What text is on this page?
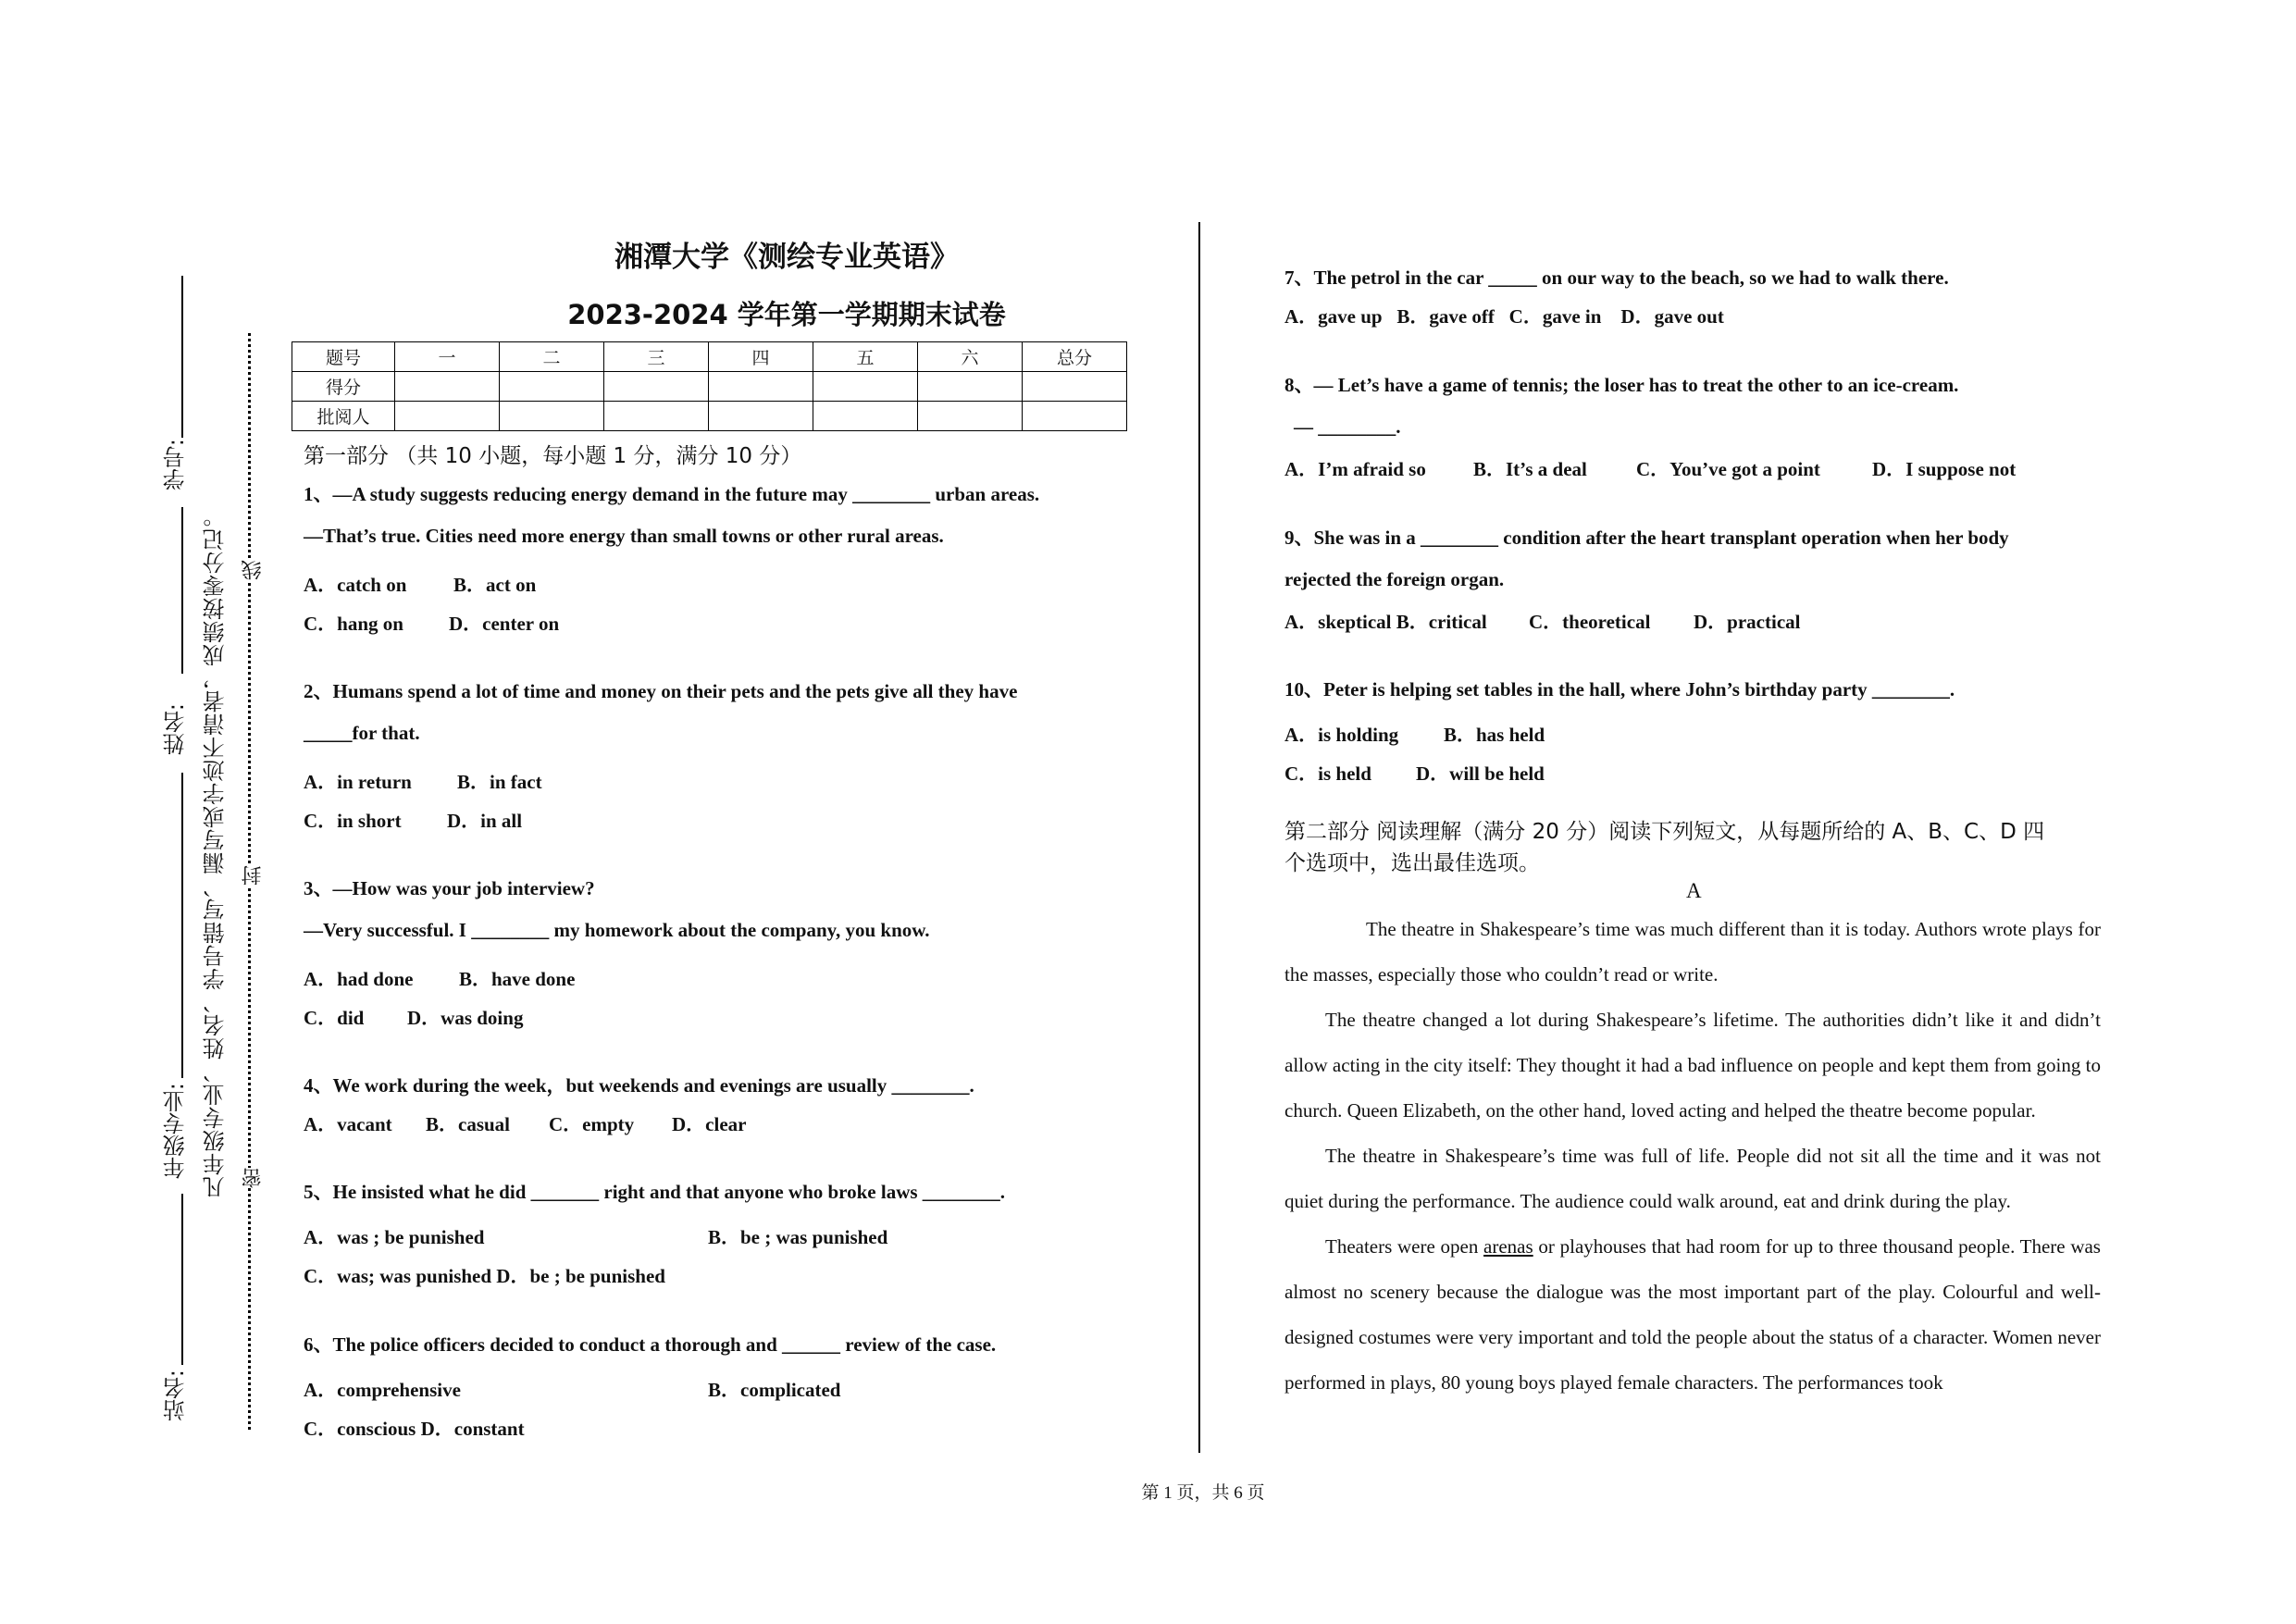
学号:
姓名:
年级专业:
站名:
凡年级专业、姓名、学号错写、漏写或字迹不清者，成绩按零分记。 线
封
密
湘潭大学《测绘专业英语》
2023-2024 学年第一学期期末试卷
题号	一	二	三	四	五	六	总分
得分							
批阅人							
第一部分 （共 10 小题，每小题 1 分，满分 10 分）
1、—A study suggests reducing energy demand in the future may ________ urban areas.
—That’s true. Cities need more energy than small towns or other rural areas.
A．catch on B．act on
C．hang on D．center on
2、Humans spend a lot of time and money on their pets and the pets give all they have
_____for that.
A．in return B．in fact
C．in short D．in all
3、—How was your job interview?
—Very successful. I ________ my homework about the company, you know.
A．had done B．have done
C．did D．was doing
4、We work during the week，but weekends and evenings are usually ________.
A．vacant B．casual C．empty D．clear
5、He insisted what he did _______ right and that anyone who broke laws ________.
A．was ; be punished	B．be ; was punished
C．was; was punished D．be ; be punished
6、The police officers decided to conduct a thorough and ______ review of the case.
A．comprehensive	B．complicated
C．conscious D．constant
7、The petrol in the car _____ on our way to the beach, so we had to walk there.
A．gave up   B．gave off   C．gave in    D．gave out
8、— Let’s have a game of tennis; the loser has to treat the other to an ice-cream.
— ________.
A．I’m afraid so B．It’s a deal	C．You’ve got a point	D．I suppose not
9、She was in a ________ condition after the heart transplant operation when her body
rejected the foreign organ.
A．skeptical B．critical C．theoretical D．practical
10、Peter is helping set tables in the hall, where John’s birthday party ________.
A．is holding B．has held
C．is held D．will be held
第二部分 阅读理解（满分 20 分）阅读下列短文，从每题所给的 A、B、C、D 四
个选项中，选出最佳选项。
A
The theatre in Shakespeare’s time was much different than it is today. Authors wrote plays for the masses, especially those who couldn’t read or write.
The theatre changed a lot during Shakespeare’s lifetime. The authorities didn’t like it and didn’t allow acting in the city itself: They thought it had a bad influence on people and kept them from going to church. Queen Elizabeth, on the other hand, loved acting and helped the theatre become popular.
The theatre in Shakespeare’s time was full of life. People did not sit all the time and it was not quiet during the performance. The audience could walk around, eat and drink during the play.
Theaters were open arenas or playhouses that had room for up to three thousand people. There was almost no scenery because the dialogue was the most important part of the play. Colourful and well-designed costumes were very important and told the people about the status of a character. Women never performed in plays, 80 young boys played female characters. The performances took
第 1 页，共 6 页
